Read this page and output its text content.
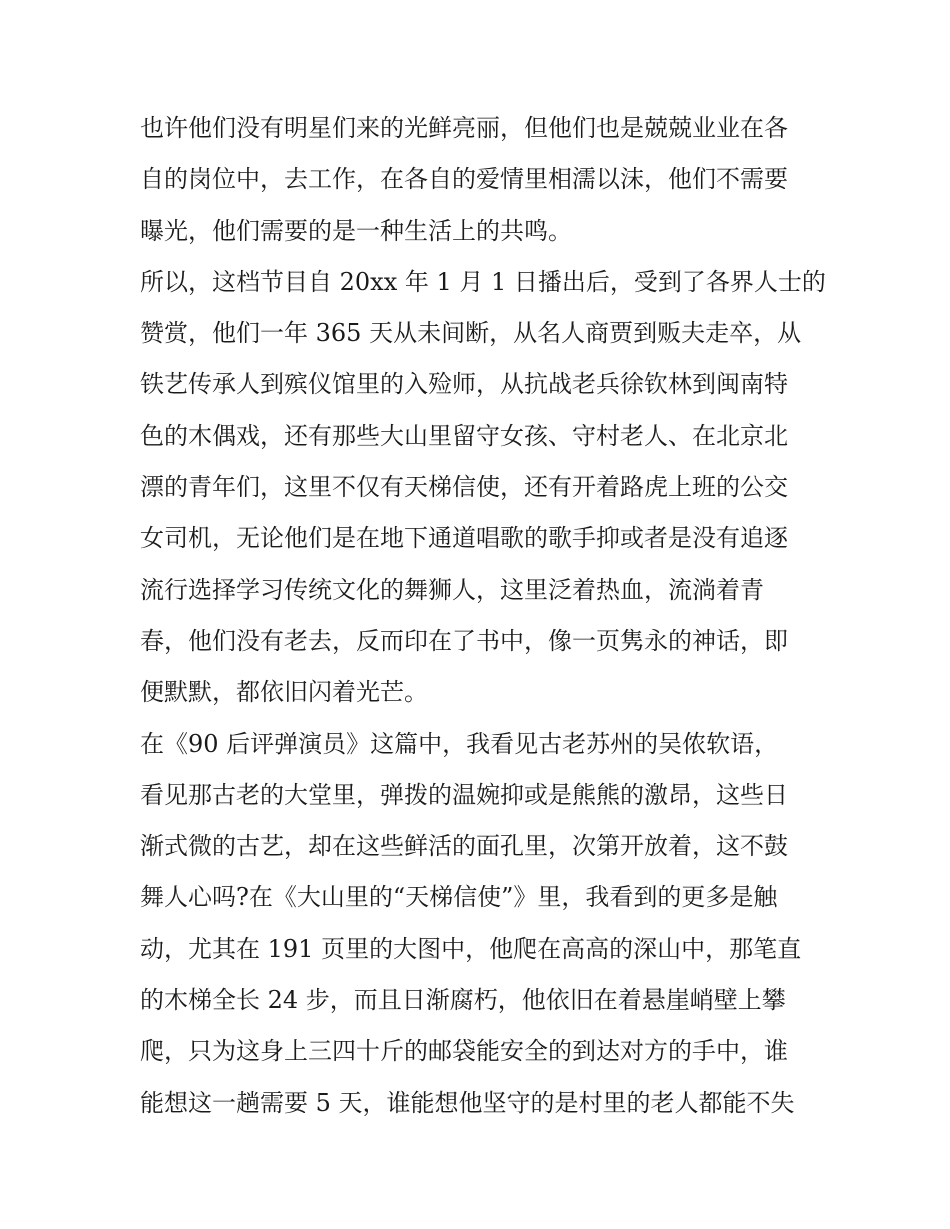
也许他们没有明星们来的光鲜亮丽，但他们也是兢兢业业在各
自的岗位中，去工作，在各自的爱情里相濡以沫，他们不需要
曝光，他们需要的是一种生活上的共鸣。
所以，这档节目自 20xx 年 1 月 1 日播出后，受到了各界人士的
赞赏，他们一年 365 天从未间断，从名人商贾到贩夫走卒，从
铁艺传承人到殡仪馆里的入殓师，从抗战老兵徐钦林到闽南特
色的木偶戏，还有那些大山里留守女孩、守村老人、在北京北
漂的青年们，这里不仅有天梯信使，还有开着路虎上班的公交
女司机，无论他们是在地下通道唱歌的歌手抑或者是没有追逐
流行选择学习传统文化的舞狮人，这里泛着热血，流淌着青
春，他们没有老去，反而印在了书中，像一页隽永的神话，即
便默默，都依旧闪着光芒。
在《90 后评弹演员》这篇中，我看见古老苏州的吴侬软语，
看见那古老的大堂里，弹拨的温婉抑或是熊熊的激昂，这些日
渐式微的古艺，却在这些鲜活的面孔里，次第开放着，这不鼓
舞人心吗?在《大山里的“天梯信使”》里，我看到的更多是触
动，尤其在 191 页里的大图中，他爬在高高的深山中，那笔直
的木梯全长 24 步，而且日渐腐朽，他依旧在着悬崖峭壁上攀
爬，只为这身上三四十斤的邮袋能安全的到达对方的手中，谁
能想这一趟需要 5 天，谁能想他坚守的是村里的老人都能不失
